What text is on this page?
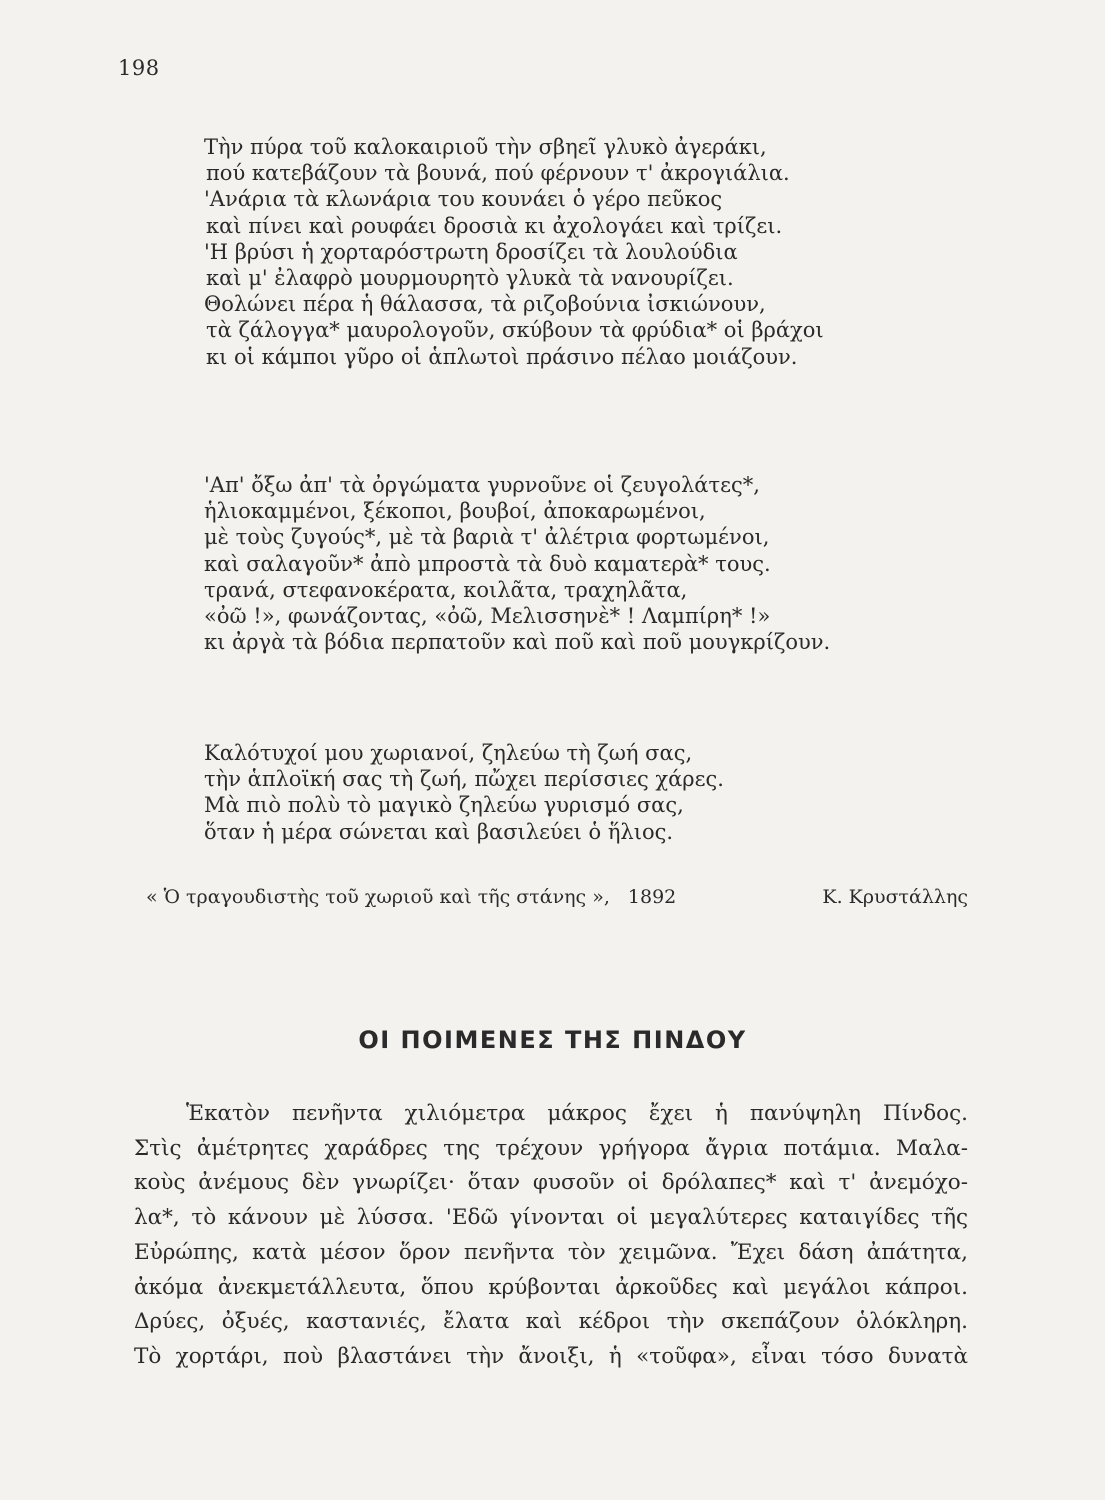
198
Τὴν πύρα τοῦ καλοκαιριοῦ τὴν σβηεῖ γλυκὸ ἀγεράκι,
πού κατεβάζουν τὰ βουνά, πού φέρνουν τ' ἀκρογιάλια.
'Ανάρια τὰ κλωνάρια του κουνάει ὁ γέρο πεῦκος
καὶ πίνει καὶ ρουφάει δροσιὰ κι ἀχολογάει καὶ τρίζει.
'Η βρύσι ἡ χορταρόστρωτη δροσίζει τὰ λουλούδια
καὶ μ' ἐλαφρὸ μουρμουρητὸ γλυκὰ τὰ νανουρίζει.
Θολώνει πέρα ἡ θάλασσα, τὰ ριζοβούνια ἰσκιώνουν,
τὰ ζάλογγα* μαυρολογοῦν, σκύβουν τὰ φρύδια* οἱ βράχοι
κι οἱ κάμποι γῦρο οἱ ἁπλωτοὶ πράσινο πέλαο μοιάζουν.
'Απ' ὄξω ἀπ' τὰ ὀργώματα γυρνοῦνε οἱ ζευγολάτες*,
ἡλιοκαμμένοι, ξέκοποι, βουβοί, ἀποκαρωμένοι,
μὲ τοὺς ζυγούς*, μὲ τὰ βαριὰ τ' ἀλέτρια φορτωμένοι,
καὶ σαλαγοῦν* ἀπὸ μπροστὰ τὰ δυὸ καματερὰ* τους.
τρανά, στεφανοκέρατα, κοιλᾶτα, τραχηλᾶτα,
«ὀῶ !», φωνάζοντας, «ὀῶ, Μελισσηνὲ* ! Λαμπίρη* !»
κι ἀργὰ τὰ βόδια περπατοῦν καὶ ποῦ καὶ ποῦ μουγκρίζουν.
Καλότυχοί μου χωριανοί, ζηλεύω τὴ ζωή σας,
τὴν ἁπλοϊκή σας τὴ ζωή, πὤχει περίσσιες χάρες.
Μὰ πιὸ πολὺ τὸ μαγικὸ ζηλεύω γυρισμό σας,
ὅταν ἡ μέρα σώνεται καὶ βασιλεύει ὁ ἥλιος.
« Ὁ τραγουδιστὴς τοῦ χωριοῦ καὶ τῆς στάνης », 1892	Κ. Κρυστάλλης
ΟΙ ΠΟΙΜΕΝΕΣ ΤΗΣ ΠΙΝΔΟΥ
Ἑκατὸν πενῆντα χιλιόμετρα μάκρος ἔχει ἡ πανύψηλη Πίνδος.
Στὶς ἀμέτρητες χαράδρες της τρέχουν γρήγορα ἄγρια ποτάμια. Μαλα-
κοὺς ἀνέμους δὲν γνωρίζει· ὅταν φυσοῦν οἱ δρόλαπες* καὶ τ' ἀνεμόχο-
λα*, τὸ κάνουν μὲ λύσσα. 'Εδῶ γίνονται οἱ μεγαλύτερες καταιγίδες τῆς
Εὐρώπης, κατὰ μέσον ὅρον πενῆντα τὸν χειμῶνα. Ἔχει δάση ἀπάτητα,
ἀκόμα ἀνεκμετάλλευτα, ὅπου κρύβονται ἀρκοῦδες καὶ μεγάλοι κάπροι.
Δρύες, ὀξυές, καστανιές, ἔλατα καὶ κέδροι τὴν σκεπάζουν ὁλόκληρη.
Τὸ χορτάρι, ποὺ βλαστάνει τὴν ἄνοιξι, ἡ «τοῦφα», εἶναι τόσο δυνατὰ
